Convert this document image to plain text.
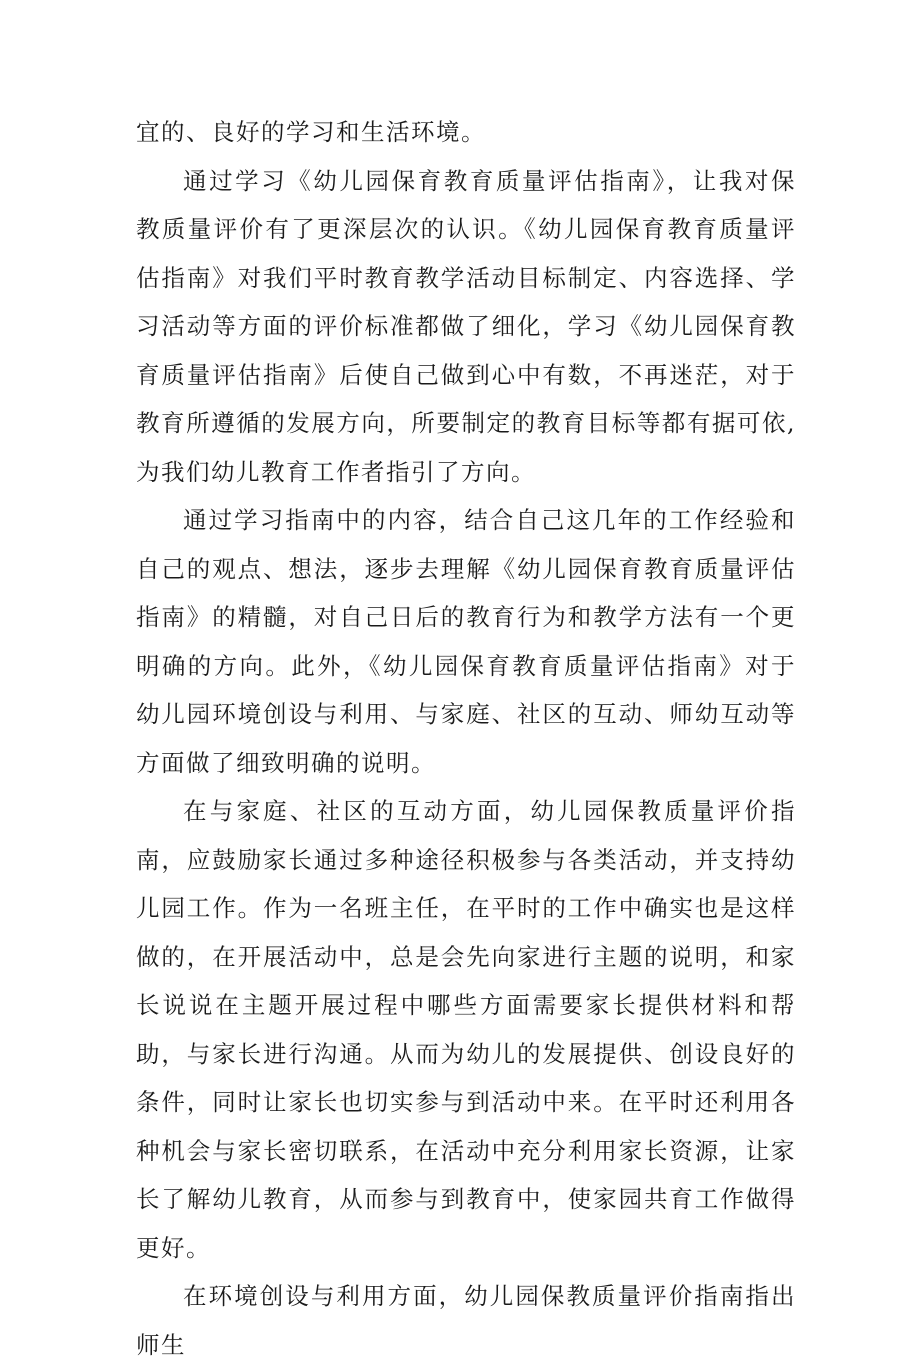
宜的、良好的学习和生活环境。

通过学习《幼儿园保育教育质量评估指南》，让我对保教质量评价有了更深层次的认识。《幼儿园保育教育质量评估指南》对我们平时教育教学活动目标制定、内容选择、学习活动等方面的评价标准都做了细化，学习《幼儿园保育教育质量评估指南》后使自己做到心中有数，不再迷茫，对于教育所遵循的发展方向，所要制定的教育目标等都有据可依,为我们幼儿教育工作者指引了方向。

通过学习指南中的内容，结合自己这几年的工作经验和自己的观点、想法，逐步去理解《幼儿园保育教育质量评估指南》的精髓，对自己日后的教育行为和教学方法有一个更明确的方向。此外，《幼儿园保育教育质量评估指南》对于幼儿园环境创设与利用、与家庭、社区的互动、师幼互动等方面做了细致明确的说明。

在与家庭、社区的互动方面，幼儿园保教质量评价指南，应鼓励家长通过多种途径积极参与各类活动，并支持幼儿园工作。作为一名班主任，在平时的工作中确实也是这样做的，在开展活动中，总是会先向家进行主题的说明，和家长说说在主题开展过程中哪些方面需要家长提供材料和帮助，与家长进行沟通。从而为幼儿的发展提供、创设良好的条件，同时让家长也切实参与到活动中来。在平时还利用各种机会与家长密切联系，在活动中充分利用家长资源，让家长了解幼儿教育，从而参与到教育中，使家园共育工作做得更好。

在环境创设与利用方面，幼儿园保教质量评价指南指出师生
